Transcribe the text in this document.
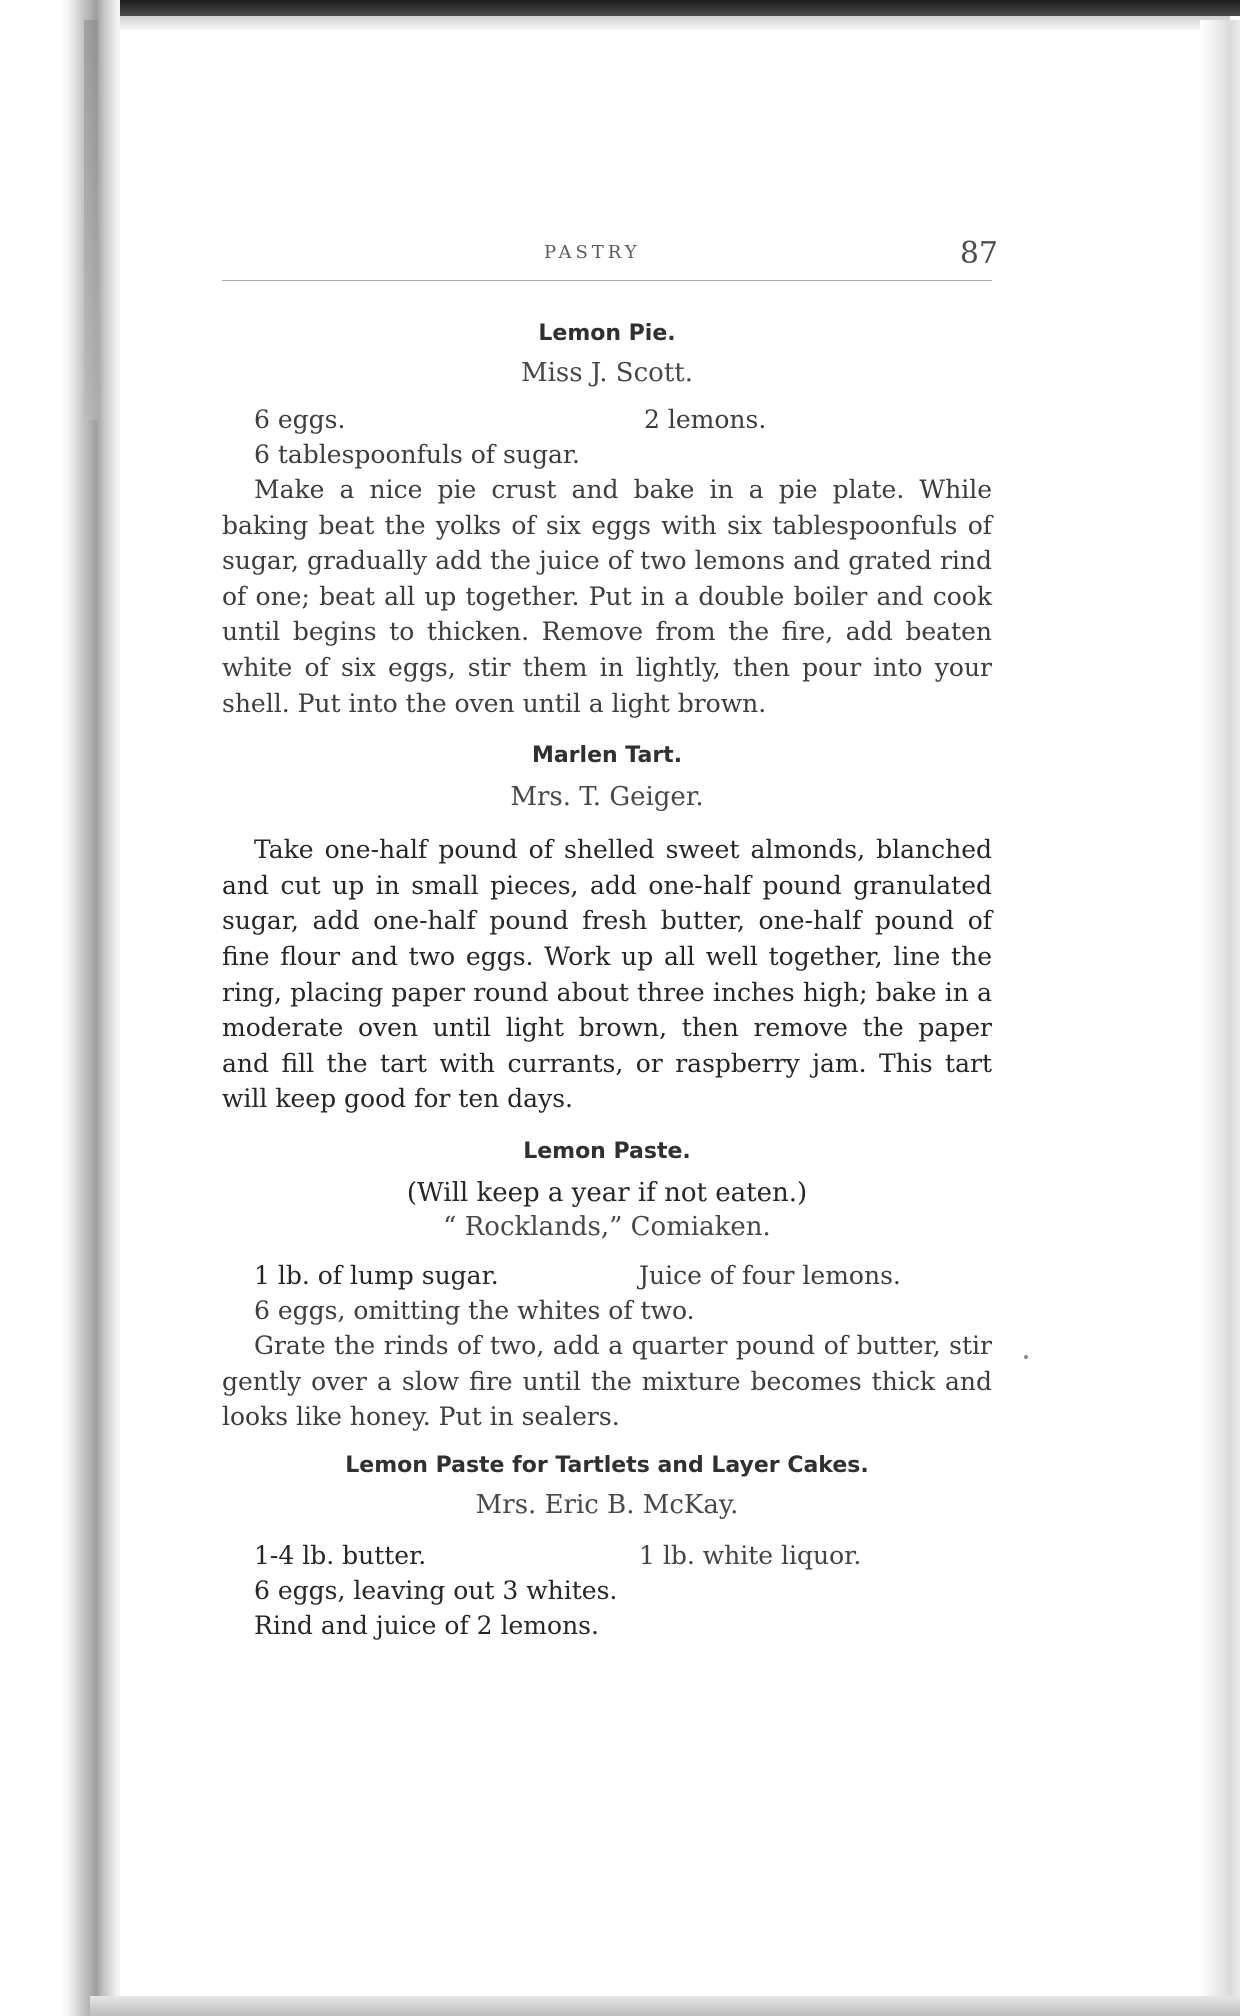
PASTRY	87
Lemon Pie.

Miss J. Scott.

6 eggs.	2 lemons.
6 tablespoonfuls of sugar.

Make a nice pie crust and bake in a pie plate. While baking beat the yolks of six eggs with six tablespoonfuls of sugar, gradually add the juice of two lemons and grated rind of one; beat all up together. Put in a double boiler and cook until begins to thicken. Remove from the fire, add beaten white of six eggs, stir them in lightly, then pour into your shell. Put into the oven until a light brown.

Marlen Tart.

Mrs. T. Geiger.

Take one-half pound of shelled sweet almonds, blanched and cut up in small pieces, add one-half pound granulated sugar, add one-half pound fresh butter, one-half pound of fine flour and two eggs. Work up all well together, line the ring, placing paper round about three inches high; bake in a moderate oven until light brown, then remove the paper and fill the tart with currants, or raspberry jam. This tart will keep good for ten days.

Lemon Paste.

(Will keep a year if not eaten.)

“ Rocklands,” Comiaken.

1 lb. of lump sugar.	Juice of four lemons.
6 eggs, omitting the whites of two.

Grate the rinds of two, add a quarter pound of butter, stir gently over a slow fire until the mixture becomes thick and looks like honey. Put in sealers.

Lemon Paste for Tartlets and Layer Cakes.

Mrs. Eric B. McKay.

1-4 lb. butter.	1 lb. white liquor.
6 eggs, leaving out 3 whites.
Rind and juice of 2 lemons.
